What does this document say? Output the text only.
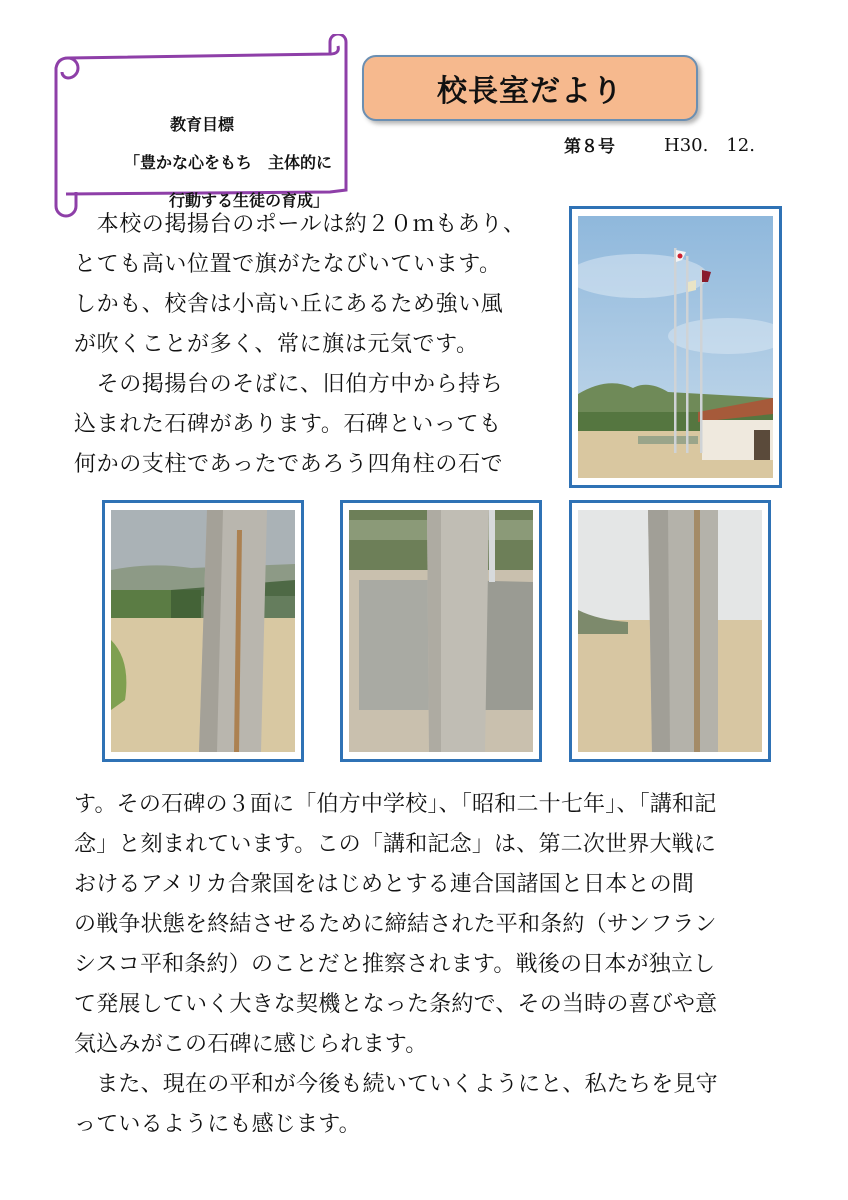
教育目標
「豊かな心をもち　主体的に
行動する生徒の育成」
校長室だより
第８号	H30.　12.

　本校の掲揚台のポールは約２０ｍもあり、
とても高い位置で旗がたなびいています。
しかも、校舎は小高い丘にあるため強い風
が吹くことが多く、常に旗は元気です。
　その掲揚台のそばに、旧伯方中から持ち
込まれた石碑があります。石碑といっても
何かの支柱であったであろう四角柱の石で

す。その石碑の３面に「伯方中学校」、「昭和二十七年」、「講和記
念」と刻まれています。この「講和記念」は、第二次世界大戦に
おけるアメリカ合衆国をはじめとする連合国諸国と日本との間
の戦争状態を終結させるために締結された平和条約（サンフラン
シスコ平和条約）のことだと推察されます。戦後の日本が独立し
て発展していく大きな契機となった条約で、その当時の喜びや意
気込みがこの石碑に感じられます。
　また、現在の平和が今後も続いていくようにと、私たちを見守
っているようにも感じます。
